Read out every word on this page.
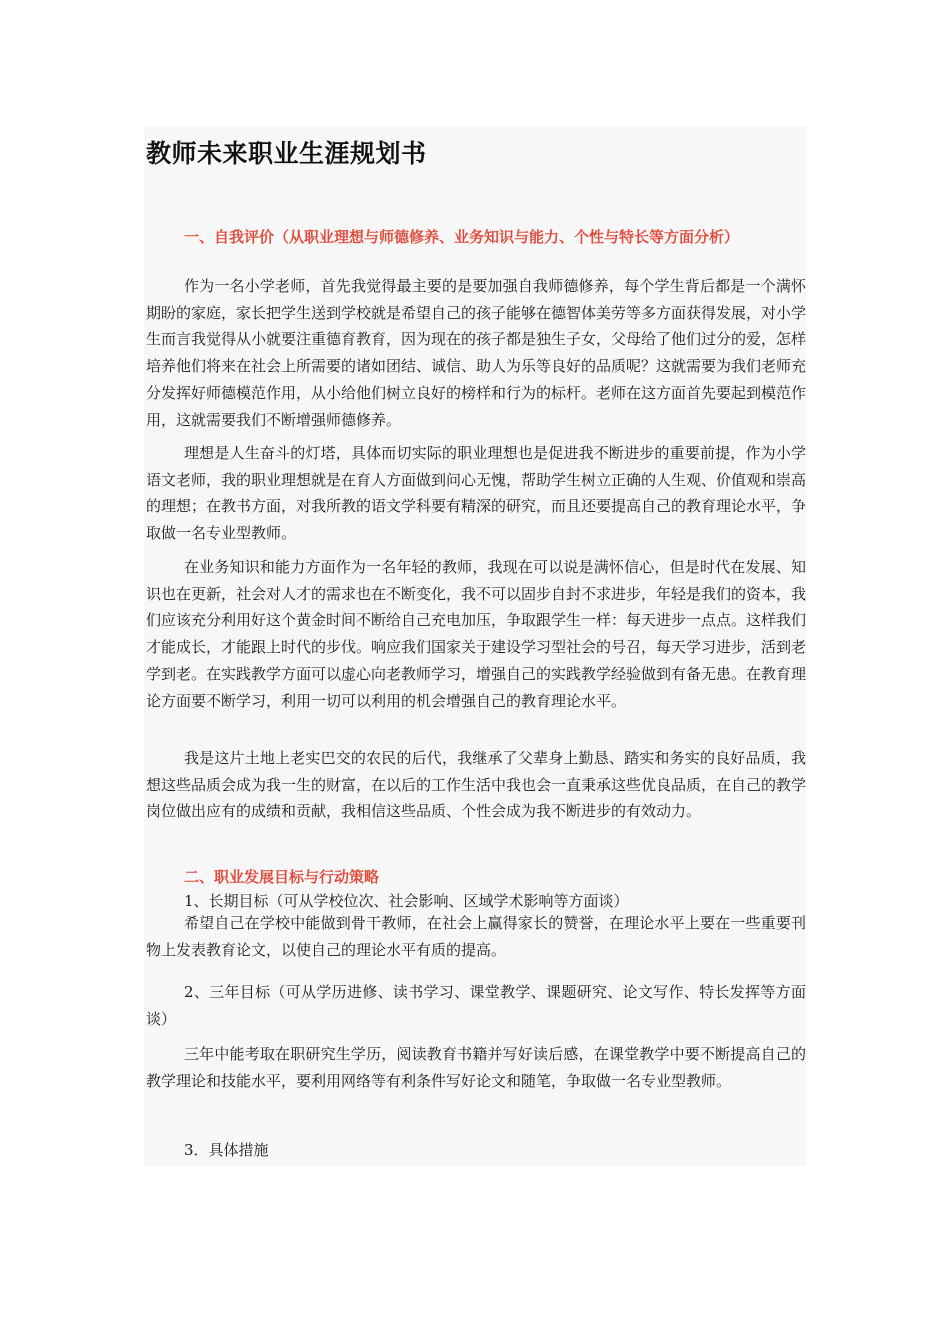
教师未来职业生涯规划书
一、自我评价（从职业理想与师德修养、业务知识与能力、个性与特长等方面分析）

作为一名小学老师，首先我觉得最主要的是要加强自我师德修养，每个学生背后都是一个满怀期盼的家庭，家长把学生送到学校就是希望自己的孩子能够在德智体美劳等多方面获得发展，对小学生而言我觉得从小就要注重德育教育，因为现在的孩子都是独生子女，父母给了他们过分的爱，怎样培养他们将来在社会上所需要的诸如团结、诚信、助人为乐等良好的品质呢？这就需要为我们老师充分发挥好师德模范作用，从小给他们树立良好的榜样和行为的标杆。老师在这方面首先要起到模范作用，这就需要我们不断增强师德修养。

理想是人生奋斗的灯塔，具体而切实际的职业理想也是促进我不断进步的重要前提，作为小学语文老师，我的职业理想就是在育人方面做到问心无愧，帮助学生树立正确的人生观、价值观和崇高的理想；在教书方面，对我所教的语文学科要有精深的研究，而且还要提高自己的教育理论水平，争取做一名专业型教师。

在业务知识和能力方面作为一名年轻的教师，我现在可以说是满怀信心，但是时代在发展、知识也在更新，社会对人才的需求也在不断变化，我不可以固步自封不求进步，年轻是我们的资本，我们应该充分利用好这个黄金时间不断给自己充电加压，争取跟学生一样：每天进步一点点。这样我们才能成长，才能跟上时代的步伐。响应我们国家关于建设学习型社会的号召，每天学习进步，活到老学到老。在实践教学方面可以虚心向老教师学习，增强自己的实践教学经验做到有备无患。在教育理论方面要不断学习，利用一切可以利用的机会增强自己的教育理论水平。

我是这片土地上老实巴交的农民的后代，我继承了父辈身上勤恳、踏实和务实的良好品质，我想这些品质会成为我一生的财富，在以后的工作生活中我也会一直秉承这些优良品质，在自己的教学岗位做出应有的成绩和贡献，我相信这些品质、个性会成为我不断进步的有效动力。

二、职业发展目标与行动策略
1、长期目标（可从学校位次、社会影响、区域学术影响等方面谈）

希望自己在学校中能做到骨干教师，在社会上赢得家长的赞誉，在理论水平上要在一些重要刊物上发表教育论文，以使自己的理论水平有质的提高。

2、三年目标（可从学历进修、读书学习、课堂教学、课题研究、论文写作、特长发挥等方面谈）

三年中能考取在职研究生学历，阅读教育书籍并写好读后感，在课堂教学中要不断提高自己的教学理论和技能水平，要利用网络等有利条件写好论文和随笔，争取做一名专业型教师。

3．具体措施
